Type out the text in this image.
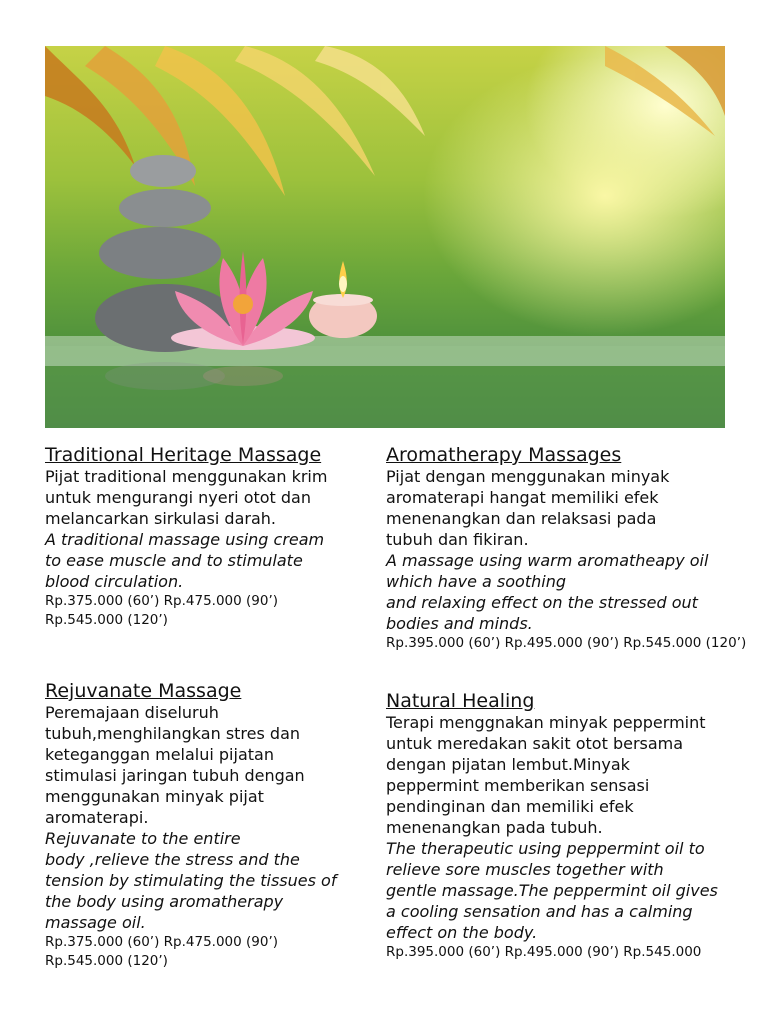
Traditional Heritage Massage

Pijat traditional menggunakan krim

untuk mengurangi nyeri otot dan

melancarkan sirkulasi darah.

A traditional massage using cream

to ease muscle and to stimulate

blood circulation.

Rp.375.000 (60’) Rp.475.000 (90’) Rp.545.000 (120’)

Aromatherapy Massages

Pijat dengan menggunakan minyak

aromaterapi hangat memiliki efek

menenangkan dan relaksasi pada

tubuh dan fikiran.

A massage using warm aromatheapy oil

which have a soothing

and relaxing effect on the stressed out

bodies and minds.

Rp.395.000 (60’) Rp.495.000 (90’) Rp.545.000 (120’)

Rejuvanate Massage

Peremajaan diseluruh

tubuh,menghilangkan stres dan

keteganggan melalui pijatan

stimulasi jaringan tubuh dengan

menggunakan minyak pijat

aromaterapi.

Rejuvanate to the entire

body ,relieve the stress and the

tension by stimulating the tissues of

the body using aromatherapy

massage oil.

Rp.375.000 (60’) Rp.475.000 (90’) Rp.545.000 (120’)

Natural Healing

Terapi menggnakan minyak peppermint

untuk meredakan sakit otot bersama

dengan pijatan lembut.Minyak

peppermint memberikan sensasi

pendinginan dan memiliki efek

menenangkan pada tubuh.

The therapeutic using peppermint oil to

relieve sore muscles together with

gentle massage.The peppermint oil gives

a cooling sensation and has a calming

effect on the body.

Rp.395.000 (60’) Rp.495.000 (90’) Rp.545.000
